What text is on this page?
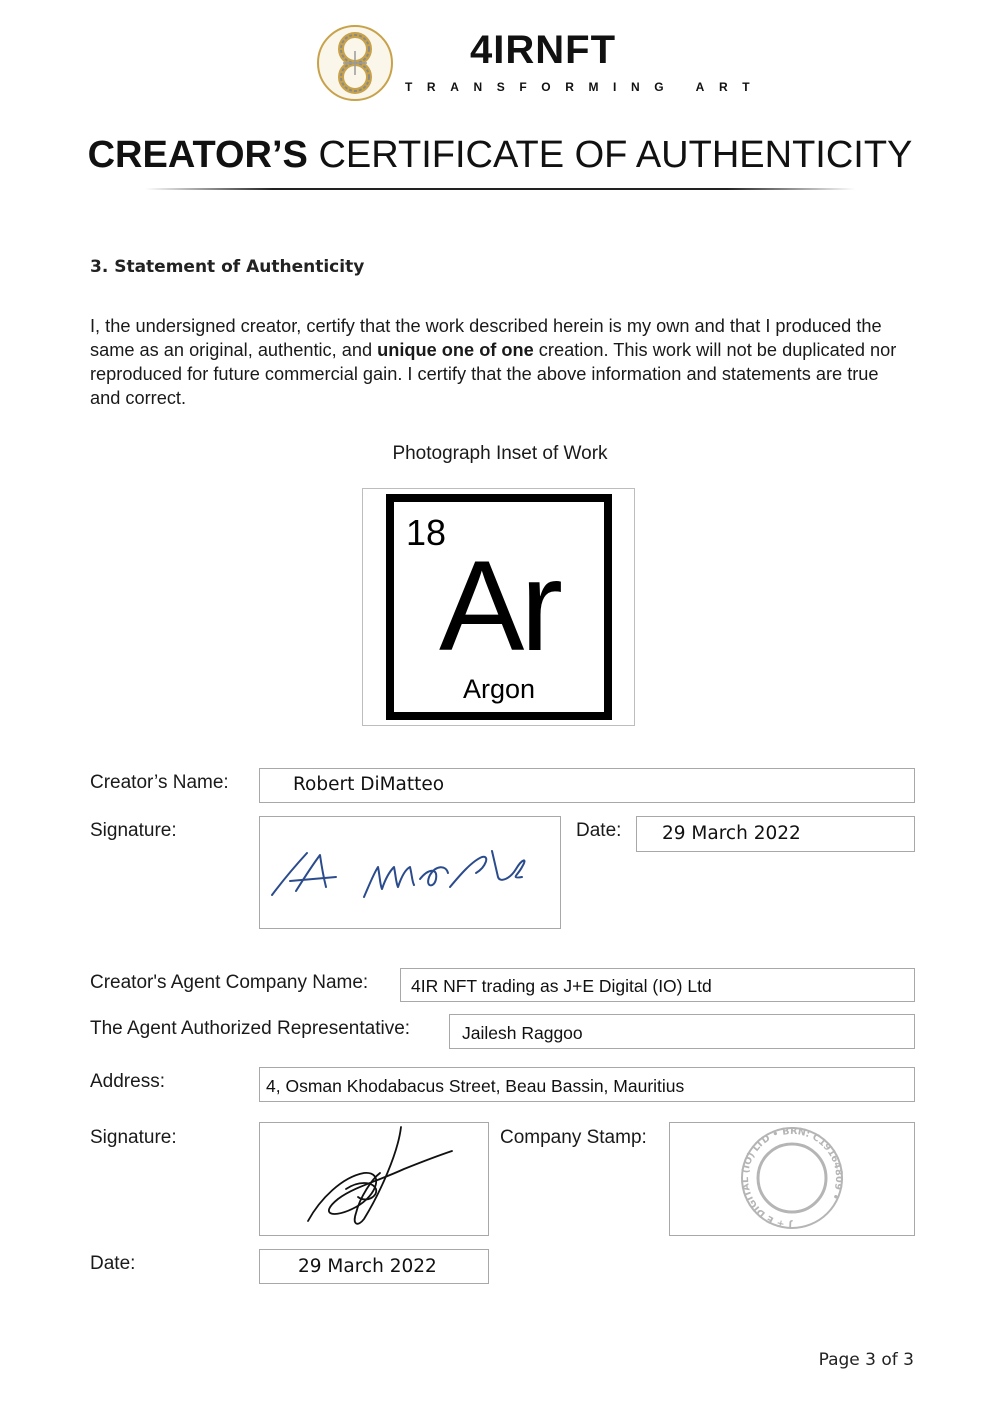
4IRNFT
TRANSFORMING ART
CREATOR’S CERTIFICATE OF AUTHENTICITY
3. Statement of Authenticity
I, the undersigned creator, certify that the work described herein is my own and that I produced the same as an original, authentic, and unique one of one creation. This work will not be duplicated nor reproduced for future commercial gain. I certify that the above information and statements are true and correct.
Photograph Inset of Work
18
Ar
Argon
Creator’s Name:	Robert DiMatteo
Signature:	Date: 29 March 2022
Creator's Agent Company Name: 4IR NFT trading as J+E Digital (IO) Ltd
The Agent Authorized Representative:	Jailesh Raggoo
Address:	4, Osman Khodabacus Street, Beau Bassin, Mauritius
Signature:	Company Stamp:
J + E DIGITAL (IO) LTD • BRN: C19164809 •
Date:	29 March 2022
Page 3 of 3
